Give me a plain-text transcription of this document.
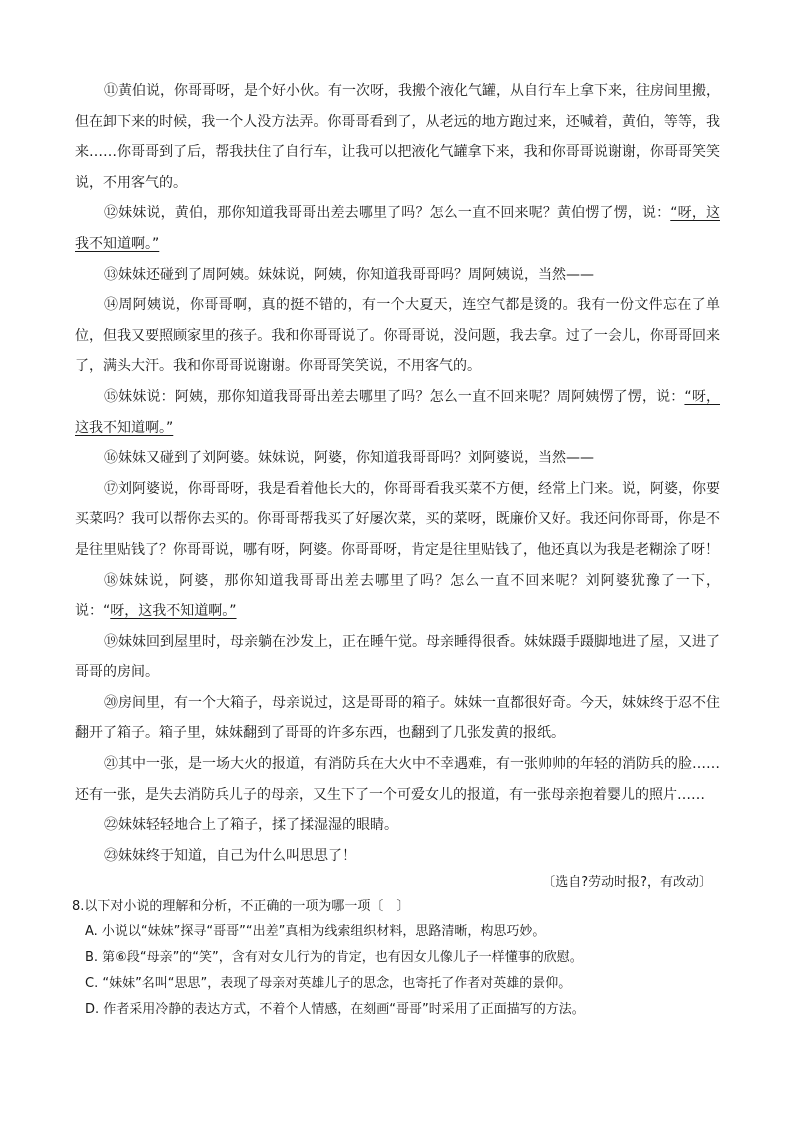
⑪黄伯说，你哥哥呀，是个好小伙。有一次呀，我搬个液化气罐，从自行车上拿下来，往房间里搬，但在卸下来的时候，我一个人没方法弄。你哥哥看到了，从老远的地方跑过来，还喊着，黄伯，等等，我来……你哥哥到了后，帮我扶住了自行车，让我可以把液化气罐拿下来，我和你哥哥说谢谢，你哥哥笑笑说，不用客气的。

⑫妹妹说，黄伯，那你知道我哥哥出差去哪里了吗？怎么一直不回来呢？黄伯愣了愣，说：“呀，这我不知道啊。”

⑬妹妹还碰到了周阿姨。妹妹说，阿姨，你知道我哥哥吗？周阿姨说，当然——

⑭周阿姨说，你哥哥啊，真的挺不错的，有一个大夏天，连空气都是烫的。我有一份文件忘在了单位，但我又要照顾家里的孩子。我和你哥哥说了。你哥哥说，没问题，我去拿。过了一会儿，你哥哥回来了，满头大汗。我和你哥哥说谢谢。你哥哥笑笑说，不用客气的。

⑮妹妹说：阿姨，那你知道我哥哥出差去哪里了吗？怎么一直不回来呢？周阿姨愣了愣，说：“呀，这我不知道啊。”

⑯妹妹又碰到了刘阿婆。妹妹说，阿婆，你知道我哥哥吗？刘阿婆说，当然——

⑰刘阿婆说，你哥哥呀，我是看着他长大的，你哥哥看我买菜不方便，经常上门来。说，阿婆，你要买菜吗？我可以帮你去买的。你哥哥帮我买了好屡次菜，买的菜呀，既廉价又好。我还问你哥哥，你是不是往里贴钱了？你哥哥说，哪有呀，阿婆。你哥哥呀，肯定是往里贴钱了，他还真以为我是老糊涂了呀！

⑱妹妹说，阿婆，那你知道我哥哥出差去哪里了吗？怎么一直不回来呢？刘阿婆犹豫了一下，说：“呀，这我不知道啊。”

⑲妹妹回到屋里时，母亲躺在沙发上，正在睡午觉。母亲睡得很香。妹妹蹑手蹑脚地进了屋，又进了哥哥的房间。

⑳房间里，有一个大箱子，母亲说过，这是哥哥的箱子。妹妹一直都很好奇。今天，妹妹终于忍不住翻开了箱子。箱子里，妹妹翻到了哥哥的许多东西，也翻到了几张发黄的报纸。

㉑其中一张，是一场大火的报道，有消防兵在大火中不幸遇难，有一张帅帅的年轻的消防兵的脸……还有一张，是失去消防兵儿子的母亲，又生下了一个可爱女儿的报道，有一张母亲抱着婴儿的照片……

㉒妹妹轻轻地合上了箱子，揉了揉湿湿的眼睛。

㉓妹妹终于知道，自己为什么叫思思了！

〔选自?劳动时报?，有改动〕

8.以下对小说的理解和分析，不正确的一项为哪一项〔　〕

A. 小说以“妹妹”探寻“哥哥”“出差”真相为线索组织材料，思路清晰，构思巧妙。

B. 第⑥段“母亲”的“笑”，含有对女儿行为的肯定，也有因女儿像儿子一样懂事的欣慰。

C. “妹妹”名叫“思思”，表现了母亲对英雄儿子的思念，也寄托了作者对英雄的景仰。

D. 作者采用冷静的表达方式，不着个人情感，在刻画“哥哥”时采用了正面描写的方法。
